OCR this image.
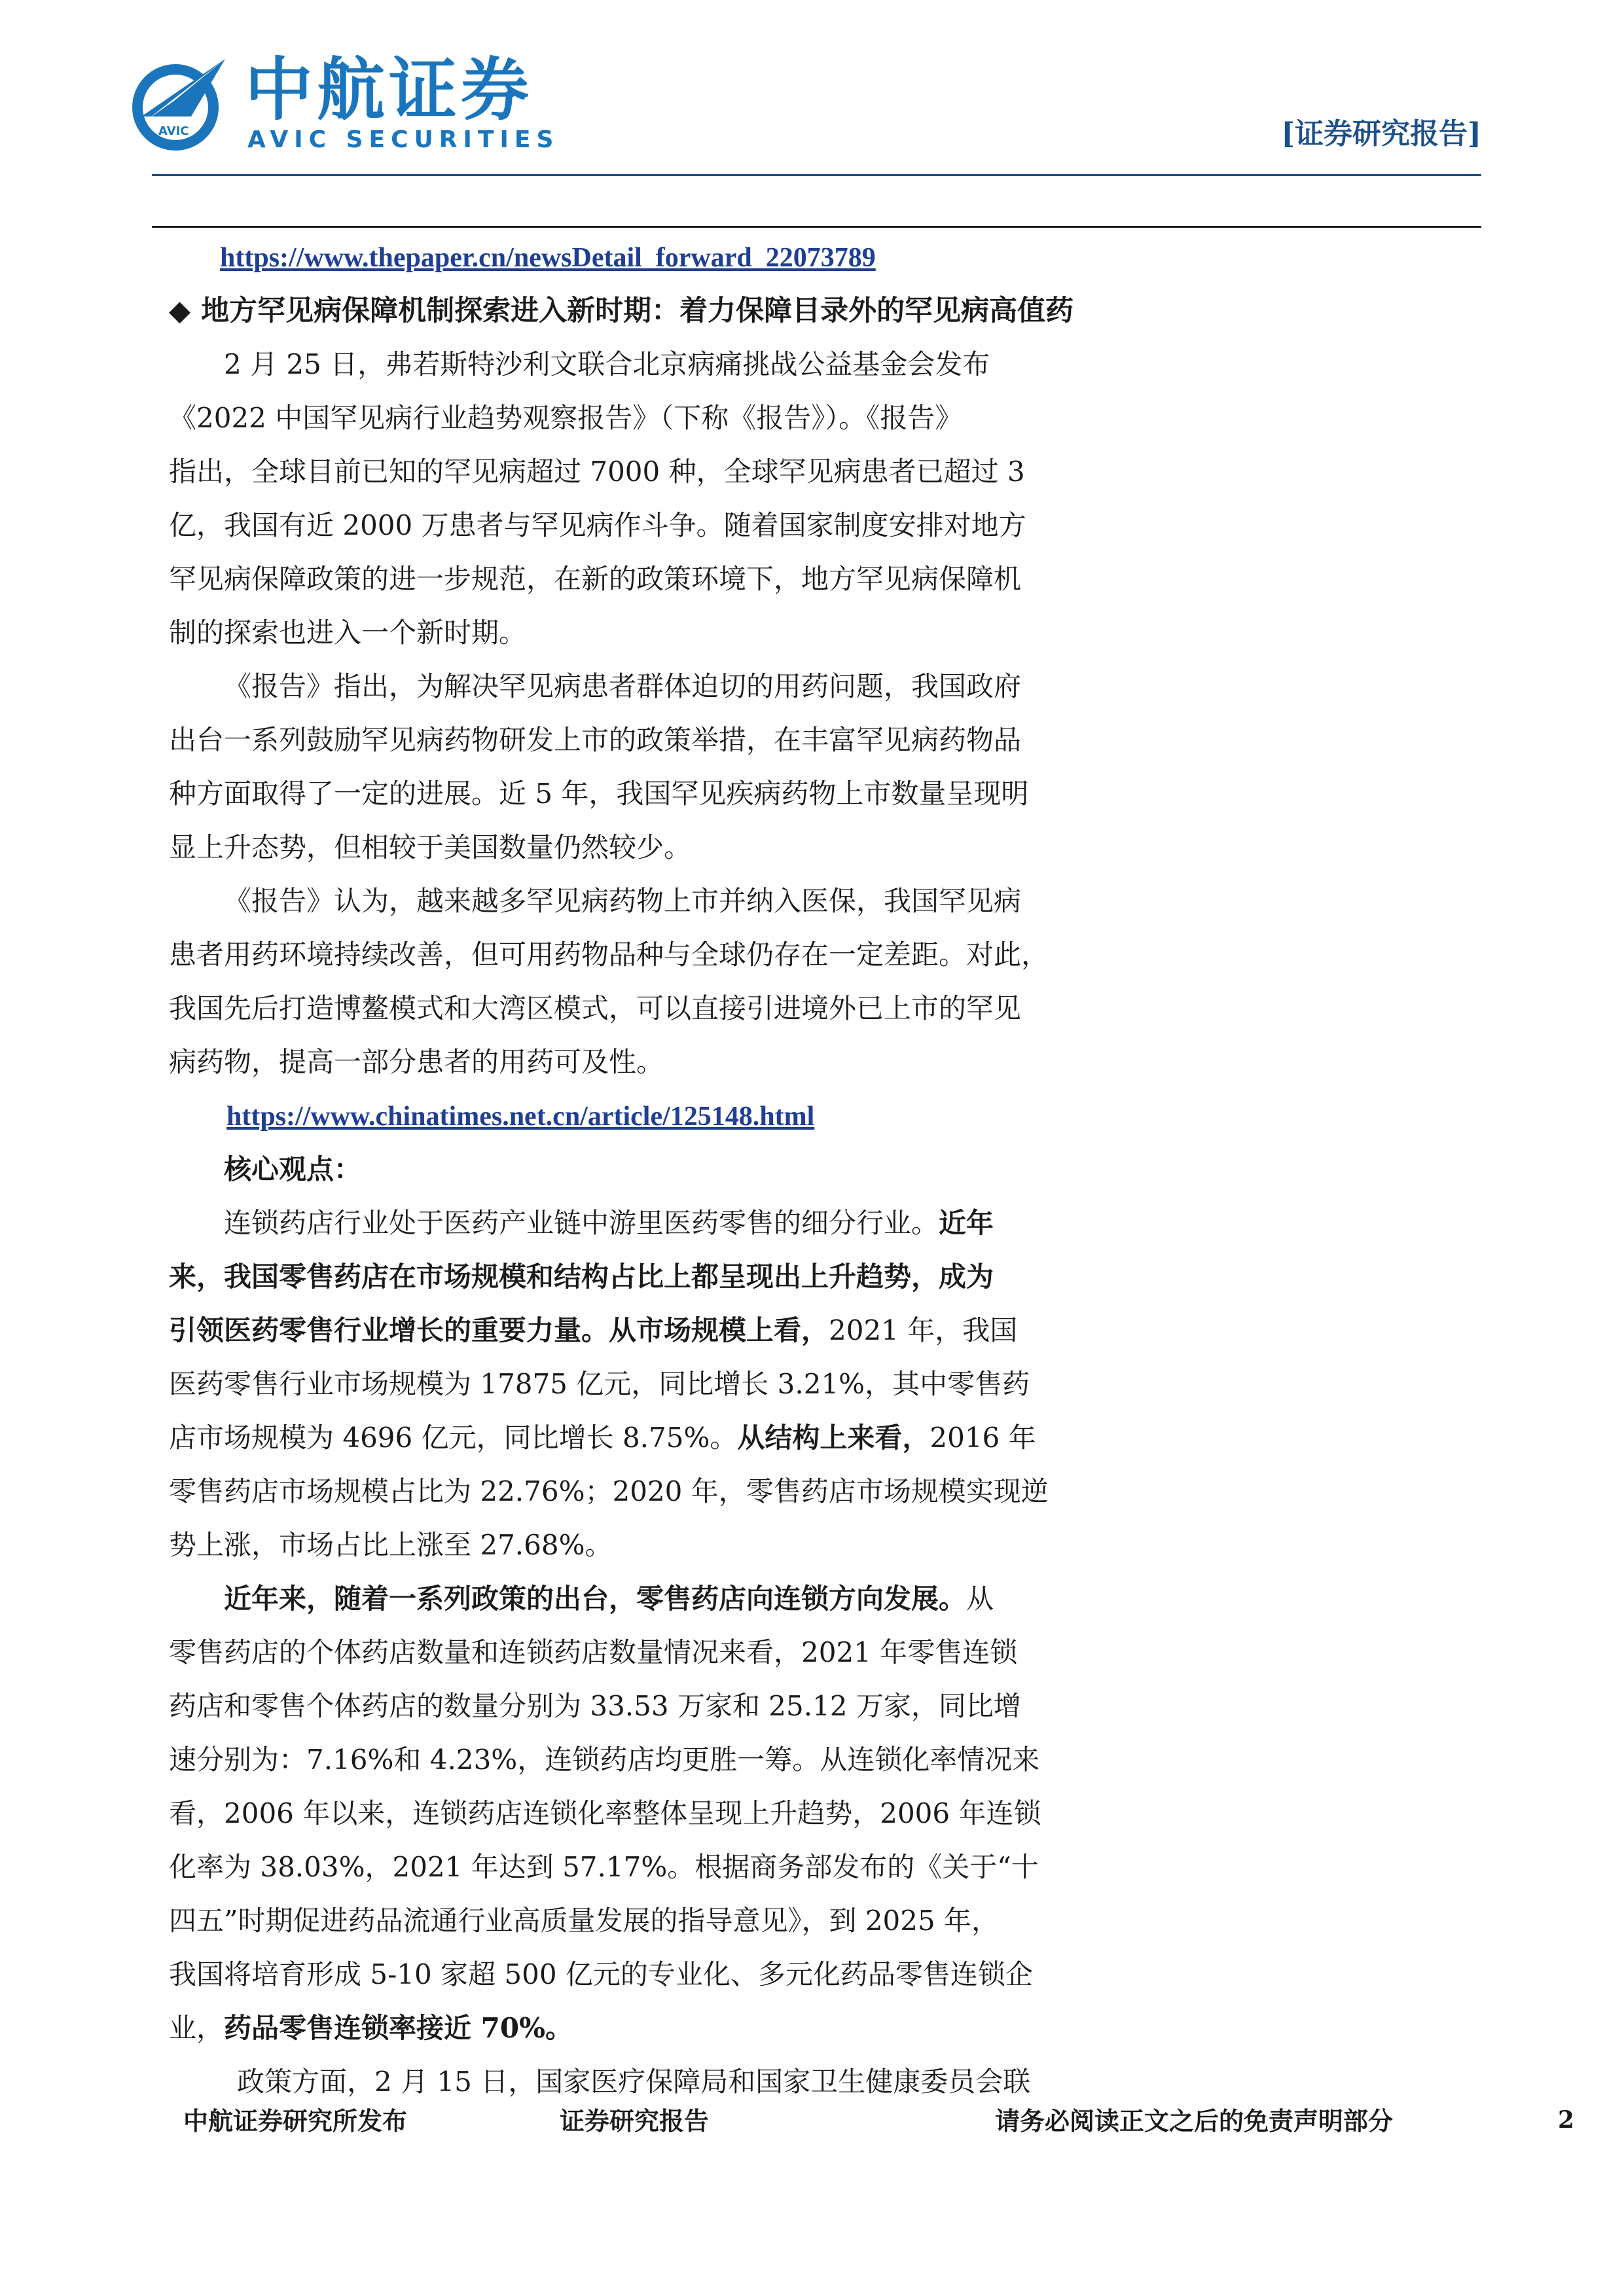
AVIC
中航证券
AVIC SECURITIES	[证券研究报告]
https://www.thepaper.cn/newsDetail_forward_22073789
◆ 地方罕见病保障机制探索进入新时期：着力保障目录外的罕见病高值药
2 月 25 日，弗若斯特沙利文联合北京病痛挑战公益基金会发布
《2022 中国罕见病行业趋势观察报告》（下称《报告》）。《报告》
指出，全球目前已知的罕见病超过 7000 种，全球罕见病患者已超过 3
亿，我国有近 2000 万患者与罕见病作斗争。随着国家制度安排对地方
罕见病保障政策的进一步规范，在新的政策环境下，地方罕见病保障机
制的探索也进入一个新时期。
《报告》指出，为解决罕见病患者群体迫切的用药问题，我国政府
出台一系列鼓励罕见病药物研发上市的政策举措，在丰富罕见病药物品
种方面取得了一定的进展。近 5 年，我国罕见疾病药物上市数量呈现明
显上升态势，但相较于美国数量仍然较少。
《报告》认为，越来越多罕见病药物上市并纳入医保，我国罕见病
患者用药环境持续改善，但可用药物品种与全球仍存在一定差距。对此，
我国先后打造博鳌模式和大湾区模式，可以直接引进境外已上市的罕见
病药物，提高一部分患者的用药可及性。
https://www.chinatimes.net.cn/article/125148.html
核心观点：
连锁药店行业处于医药产业链中游里医药零售的细分行业。近年
来，我国零售药店在市场规模和结构占比上都呈现出上升趋势，成为
引领医药零售行业增长的重要力量。从市场规模上看，2021 年，我国
医药零售行业市场规模为 17875 亿元，同比增长 3.21%，其中零售药
店市场规模为 4696 亿元，同比增长 8.75%。从结构上来看，2016 年
零售药店市场规模占比为 22.76%；2020 年，零售药店市场规模实现逆
势上涨，市场占比上涨至 27.68%。
近年来，随着一系列政策的出台，零售药店向连锁方向发展。从
零售药店的个体药店数量和连锁药店数量情况来看，2021 年零售连锁
药店和零售个体药店的数量分别为 33.53 万家和 25.12 万家，同比增
速分别为：7.16%和 4.23%，连锁药店均更胜一筹。从连锁化率情况来
看，2006 年以来，连锁药店连锁化率整体呈现上升趋势，2006 年连锁
化率为 38.03%，2021 年达到 57.17%。根据商务部发布的《关于“十
四五”时期促进药品流通行业高质量发展的指导意见》，到 2025 年，
我国将培育形成 5-10 家超 500 亿元的专业化、多元化药品零售连锁企
业，药品零售连锁率接近 70%。
政策方面，2 月 15 日，国家医疗保障局和国家卫生健康委员会联
中航证券研究所发布	证券研究报告	请务必阅读正文之后的免责声明部分	2
